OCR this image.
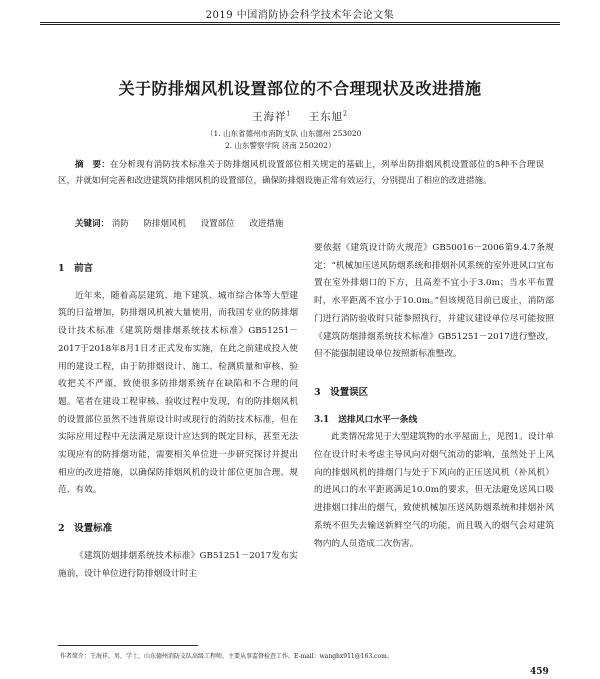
2019 中国消防协会科学技术年会论文集
关于防排烟风机设置部位的不合理现状及改进措施
王海祥$^1$ 王东旭$^2$
（1. 山东省德州市消防支队 山东德州 253020
2. 山东警察学院 济南 250202）
摘　要：在分析现有消防技术标准关于防排烟风机设置部位相关规定的基础上，列举出防排烟风机设置部位的5种不合理误区，并就如何完善和改进建筑防排烟风机的设置部位，确保防排烟设施正常有效运行，分别提出了相应的改进措施。
关键词： 消防 防排烟风机 设置部位 改进措施
1　前言

近年来，随着高层建筑、地下建筑、城市综合体等大型建筑的日益增加，防排烟风机被大量使用，而我国专业的防排烟设计技术标准《建筑防烟排烟系统技术标准》GB51251－2017于2018年8月1日才正式发布实施，在此之前建成投入使用的建设工程，由于防排烟设计、施工、检测质量和审核、验收把关不严谨，致使很多防排烟系统存在缺陷和不合理的问题。笔者在建设工程审核、验收过程中发现，有的防排烟风机的设置部位虽然不违背原设计时或现行的消防技术标准，但在实际应用过程中无法满足原设计应达到的既定目标，甚至无法实现应有的防排烟功能，需要相关单位进一步研究探讨并提出相应的改进措施，以确保防排烟风机的设计部位更加合理、规范、有效。

2　设置标准

《建筑防烟排烟系统技术标准》GB51251－2017发布实施前，设计单位进行防排烟设计时主

要依据《建筑设计防火规范》GB50016－2006第9.4.7条规定：“机械加压送风防烟系统和排烟补风系统的室外进风口宜布置在室外排烟口的下方，且高差不宜小于3.0m；当水平布置时，水平距离不宜小于10.0m。”但该规范目前已废止，消防部门进行消防验收时只能参照执行，并建议建设单位尽可能按照《建筑防烟排烟系统技术标准》GB51251－2017进行整改，但不能强制建设单位按照新标准整改。

3　设置误区
3.1　送排风口水平一条线

此类情况常见于大型建筑物的水平屋面上，见图1。设计单位在设计时未考虑主导风向对烟气流动的影响，虽然处于上风向的排烟风机的排烟门与处于下风向的正压送风机（补风机）的进风口的水平距离满足10.0m的要求，但无法避免送风口吸进排烟口排出的烟气，致使机械加压送风防烟系统和排烟补风系统不但失去输送新鲜空气的功能，而且吸入的烟气会对建筑物内的人员造成二次伤害。

作者简介：王海祥，男，学士，山东德州消防支队高级工程师，主要从事监督检查工作。E-mail：wanghx911@163.com。
459
